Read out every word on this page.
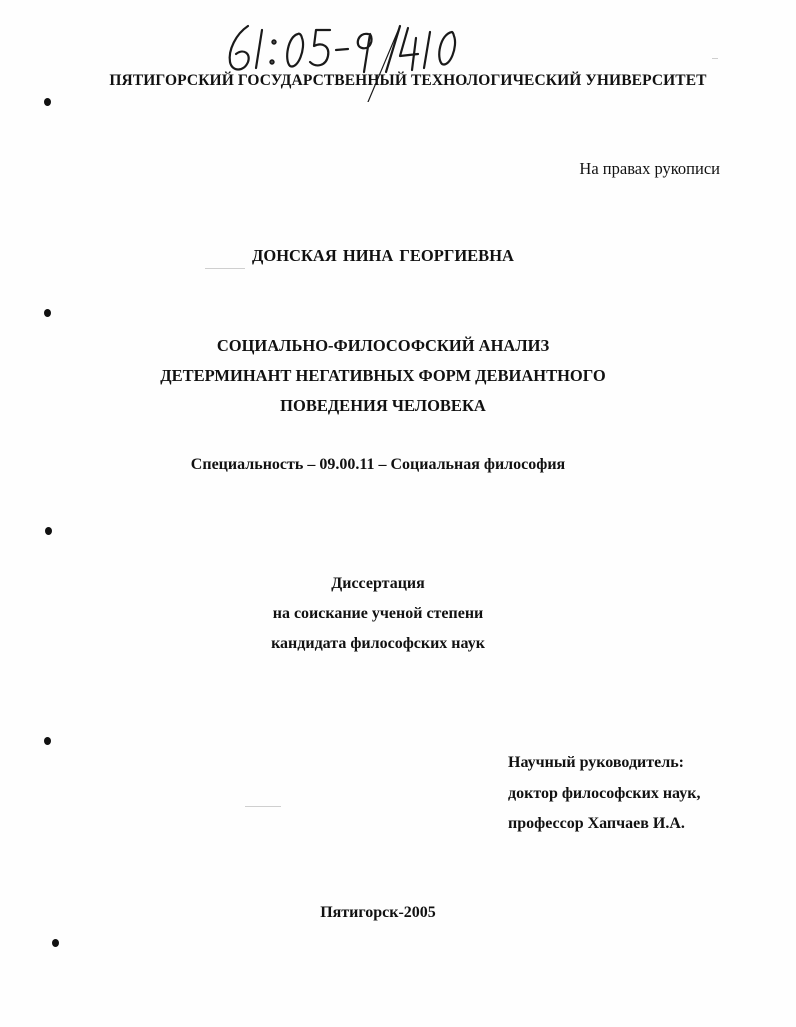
ПЯТИГОРСКИЙ ГОСУДАРСТВЕННЫЙ ТЕХНОЛОГИЧЕСКИЙ УНИВЕРСИТЕТ
На правах рукописи
ДОНСКАЯ НИНА ГЕОРГИЕВНА
СОЦИАЛЬНО-ФИЛОСОФСКИЙ АНАЛИЗ
ДЕТЕРМИНАНТ НЕГАТИВНЫХ ФОРМ ДЕВИАНТНОГО
ПОВЕДЕНИЯ ЧЕЛОВЕКА
Специальность – 09.00.11 – Социальная философия
Диссертация
на соискание ученой степени
кандидата философских наук
Научный руководитель:
доктор философских наук,
профессор Хапчаев И.А.
Пятигорск-2005
